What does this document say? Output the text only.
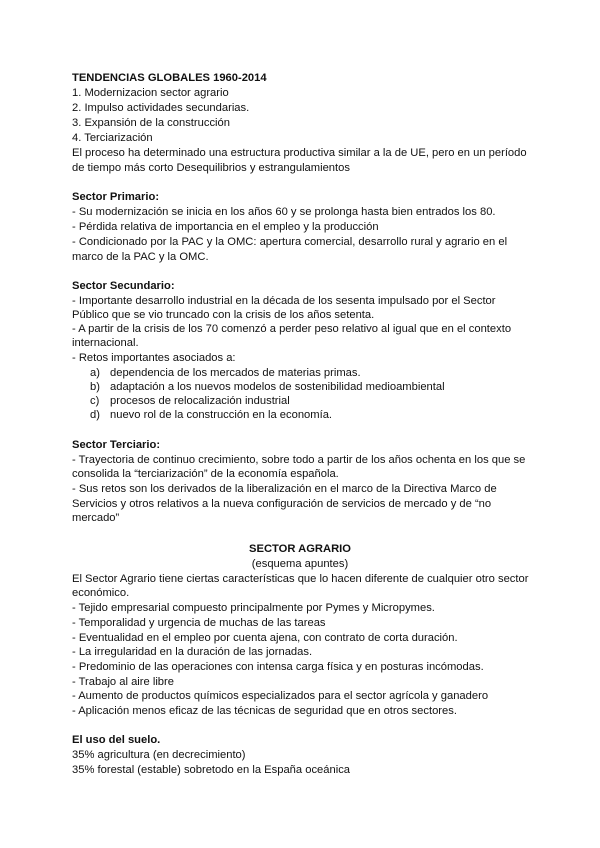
TENDENCIAS GLOBALES 1960-2014
1. Modernizacion sector agrario
2. Impulso actividades secundarias.
3. Expansión de la construcción
4. Terciarización
El proceso ha determinado una estructura productiva similar a la de UE, pero en un período
de tiempo más corto Desequilibrios y estrangulamientos
Sector Primario:
- Su modernización se inicia en los años 60 y se prolonga hasta bien entrados los 80.
- Pérdida relativa de importancia en el empleo y la producción
- Condicionado por la PAC y la OMC: apertura comercial, desarrollo rural y agrario en el
marco de la PAC y la OMC.
Sector Secundario:
- Importante desarrollo industrial en la década de los sesenta impulsado por el Sector
Público que se vio truncado con la crisis de los años setenta.
- A partir de la crisis de los 70 comenzó a perder peso relativo al igual que en el contexto
internacional.
- Retos importantes asociados a:
a) dependencia de los mercados de materias primas.
b) adaptación a los nuevos modelos de sostenibilidad medioambiental
c) procesos de relocalización industrial
d) nuevo rol de la construcción en la economía.
Sector Terciario:
- Trayectoria de continuo crecimiento, sobre todo a partir de los años ochenta en los que se
consolida la “terciarización” de la economía española.
- Sus retos son los derivados de la liberalización en el marco de la Directiva Marco de
Servicios y otros relativos a la nueva configuración de servicios de mercado y de “no
mercado”
SECTOR AGRARIO
(esquema apuntes)
El Sector Agrario tiene ciertas características que lo hacen diferente de cualquier otro sector
económico.
- Tejido empresarial compuesto principalmente por Pymes y Micropymes.
- Temporalidad y urgencia de muchas de las tareas
- Eventualidad en el empleo por cuenta ajena, con contrato de corta duración.
- La irregularidad en la duración de las jornadas.
- Predominio de las operaciones con intensa carga física y en posturas incómodas.
- Trabajo al aire libre
- Aumento de productos químicos especializados para el sector agrícola y ganadero
- Aplicación menos eficaz de las técnicas de seguridad que en otros sectores.
El uso del suelo.
35% agricultura (en decrecimiento)
35% forestal (estable) sobretodo en la España oceánica
